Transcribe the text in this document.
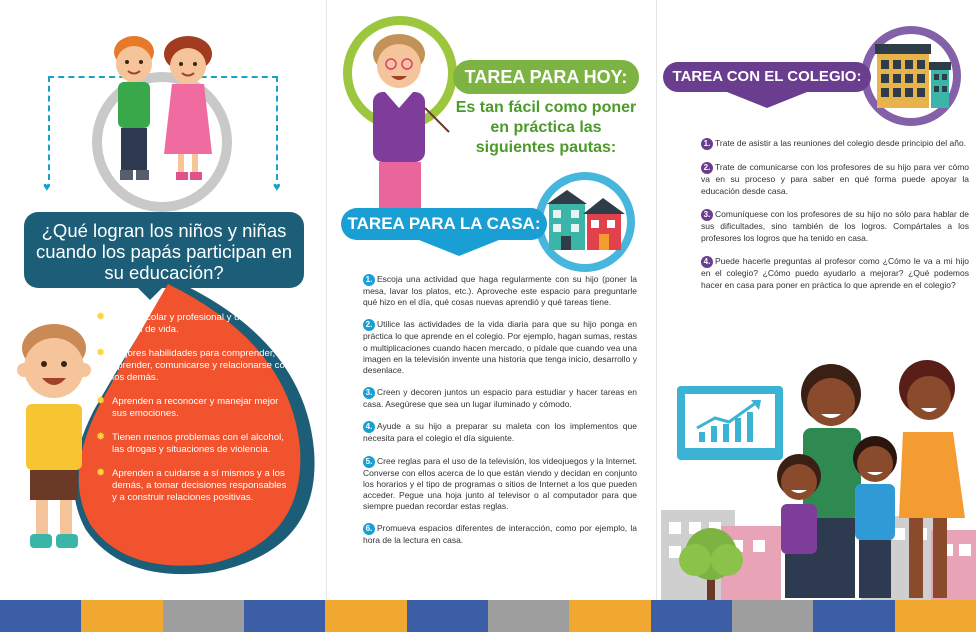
♥	♥
¿Qué logran los niños y niñas cuando los papás participan en su educación?
✹ Éxito escolar y profesional y una mejor calidad de vida.
✹ Mejores habilidades para comprender, aprender, comunicarse y relacionarse con los demás.
✹ Aprenden a reconocer y manejar mejor sus emociones.
✹ Tienen menos problemas con el alcohol, las drogas y situaciones de violencia.
✹ Aprenden a cuidarse a sí mismos y a los demás, a tomar decisiones responsables y a construir relaciones positivas.
TAREA PARA HOY:
Es tan fácil como poner en práctica las siguientes pautas:
TAREA PARA LA CASA:
1. Escoja una actividad que haga regularmente con su hijo (poner la mesa, lavar los platos, etc.). Aproveche este espacio para preguntarle qué hizo en el día, qué cosas nuevas aprendió y qué tareas tiene.
2. Utilice las actividades de la vida diaria para que su hijo ponga en práctica lo que aprende en el colegio. Por ejemplo, hagan sumas, restas o multiplicaciones cuando hacen mercado, o pídale que cuando vea una imagen en la televisión invente una historia que tenga inicio, desarrollo y desenlace.
3. Creen y decoren juntos un espacio para estudiar y hacer tareas en casa. Asegúrese que sea un lugar iluminado y cómodo.
4. Ayude a su hijo a preparar su maleta con los implementos que necesita para el colegio el día siguiente.
5. Cree reglas para el uso de la televisión, los videojuegos y la Internet. Converse con ellos acerca de lo que están viendo y decidan en conjunto los horarios y el tipo de programas o sitios de Internet a los que pueden acceder. Pegue una hoja junto al televisor o al computador para que siempre puedan recordar estas reglas.
6. Promueva espacios diferentes de interacción, como por ejemplo, la hora de la lectura en casa.
TAREA CON EL COLEGIO:
1. Trate de asistir a las reuniones del colegio desde principio del año.
2. Trate de comunicarse con los profesores de su hijo para ver cómo va en su proceso y para saber en qué forma puede apoyar la educación desde casa.
3. Comuníquese con los profesores de su hijo no sólo para hablar de sus dificultades, sino también de los logros. Compártales a los profesores los logros que ha tenido en casa.
4. Puede hacerle preguntas al profesor como ¿Cómo le va a mi hijo en el colegio? ¿Cómo puedo ayudarlo a mejorar? ¿Qué podemos hacer en casa para poner en práctica lo que aprende en el colegio?
